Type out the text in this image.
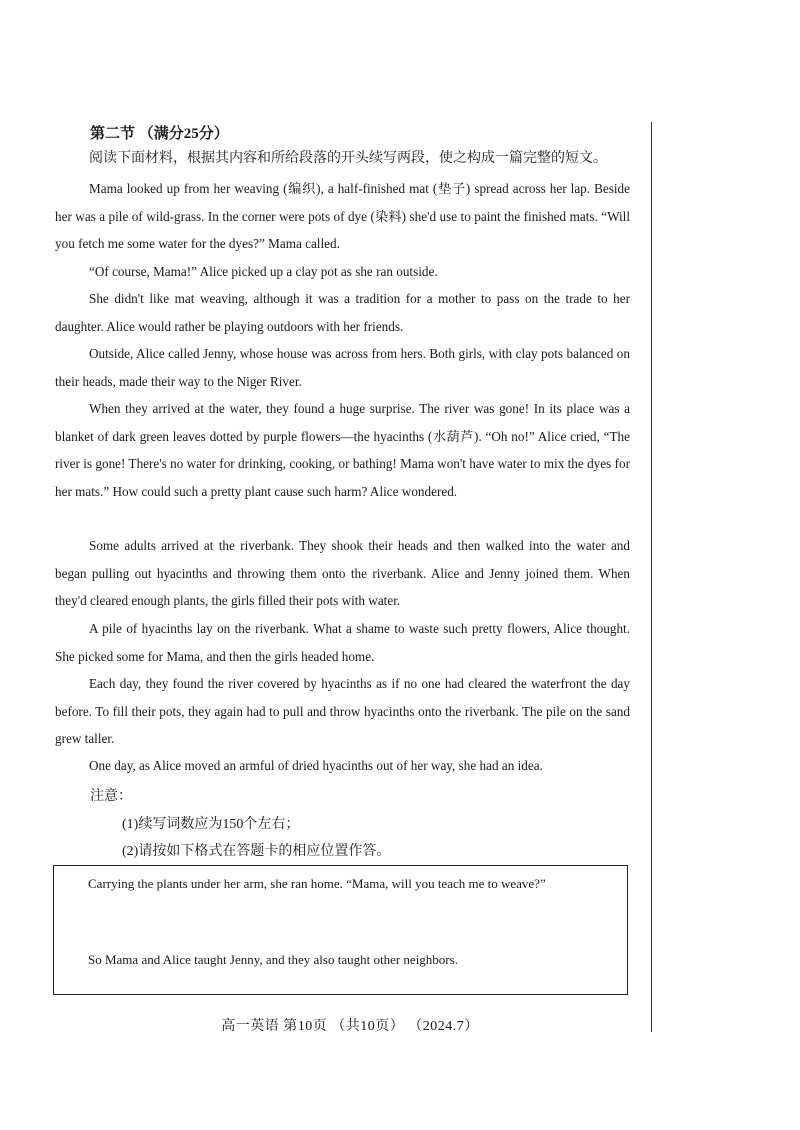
第二节 （满分25分）
阅读下面材料，根据其内容和所给段落的开头续写两段，使之构成一篇完整的短文。
Mama looked up from her weaving (编织), a half-finished mat (垫子) spread across her lap. Beside her was a pile of wild-grass. In the corner were pots of dye (染料) she'd use to paint the finished mats. “Will you fetch me some water for the dyes?” Mama called.
“Of course, Mama!” Alice picked up a clay pot as she ran outside.
She didn't like mat weaving, although it was a tradition for a mother to pass on the trade to her daughter. Alice would rather be playing outdoors with her friends.
Outside, Alice called Jenny, whose house was across from hers. Both girls, with clay pots balanced on their heads, made their way to the Niger River.
When they arrived at the water, they found a huge surprise. The river was gone! In its place was a blanket of dark green leaves dotted by purple flowers—the hyacinths (水葫芦). “Oh no!” Alice cried, “The river is gone! There's no water for drinking, cooking, or bathing! Mama won't have water to mix the dyes for her mats.” How could such a pretty plant cause such harm? Alice wondered.
Some adults arrived at the riverbank. They shook their heads and then walked into the water and began pulling out hyacinths and throwing them onto the riverbank. Alice and Jenny joined them. When they'd cleared enough plants, the girls filled their pots with water.
A pile of hyacinths lay on the riverbank. What a shame to waste such pretty flowers, Alice thought. She picked some for Mama, and then the girls headed home.
Each day, they found the river covered by hyacinths as if no one had cleared the waterfront the day before. To fill their pots, they again had to pull and throw hyacinths onto the riverbank. The pile on the sand grew taller.
One day, as Alice moved an armful of dried hyacinths out of her way, she had an idea.
注意：
(1)续写词数应为150个左右；
(2)请按如下格式在答题卡的相应位置作答。
Carrying the plants under her arm, she ran home. “Mama, will you teach me to weave?”
So Mama and Alice taught Jenny, and they also taught other neighbors.
高一英语 第10页 （共10页） （2024.7）
